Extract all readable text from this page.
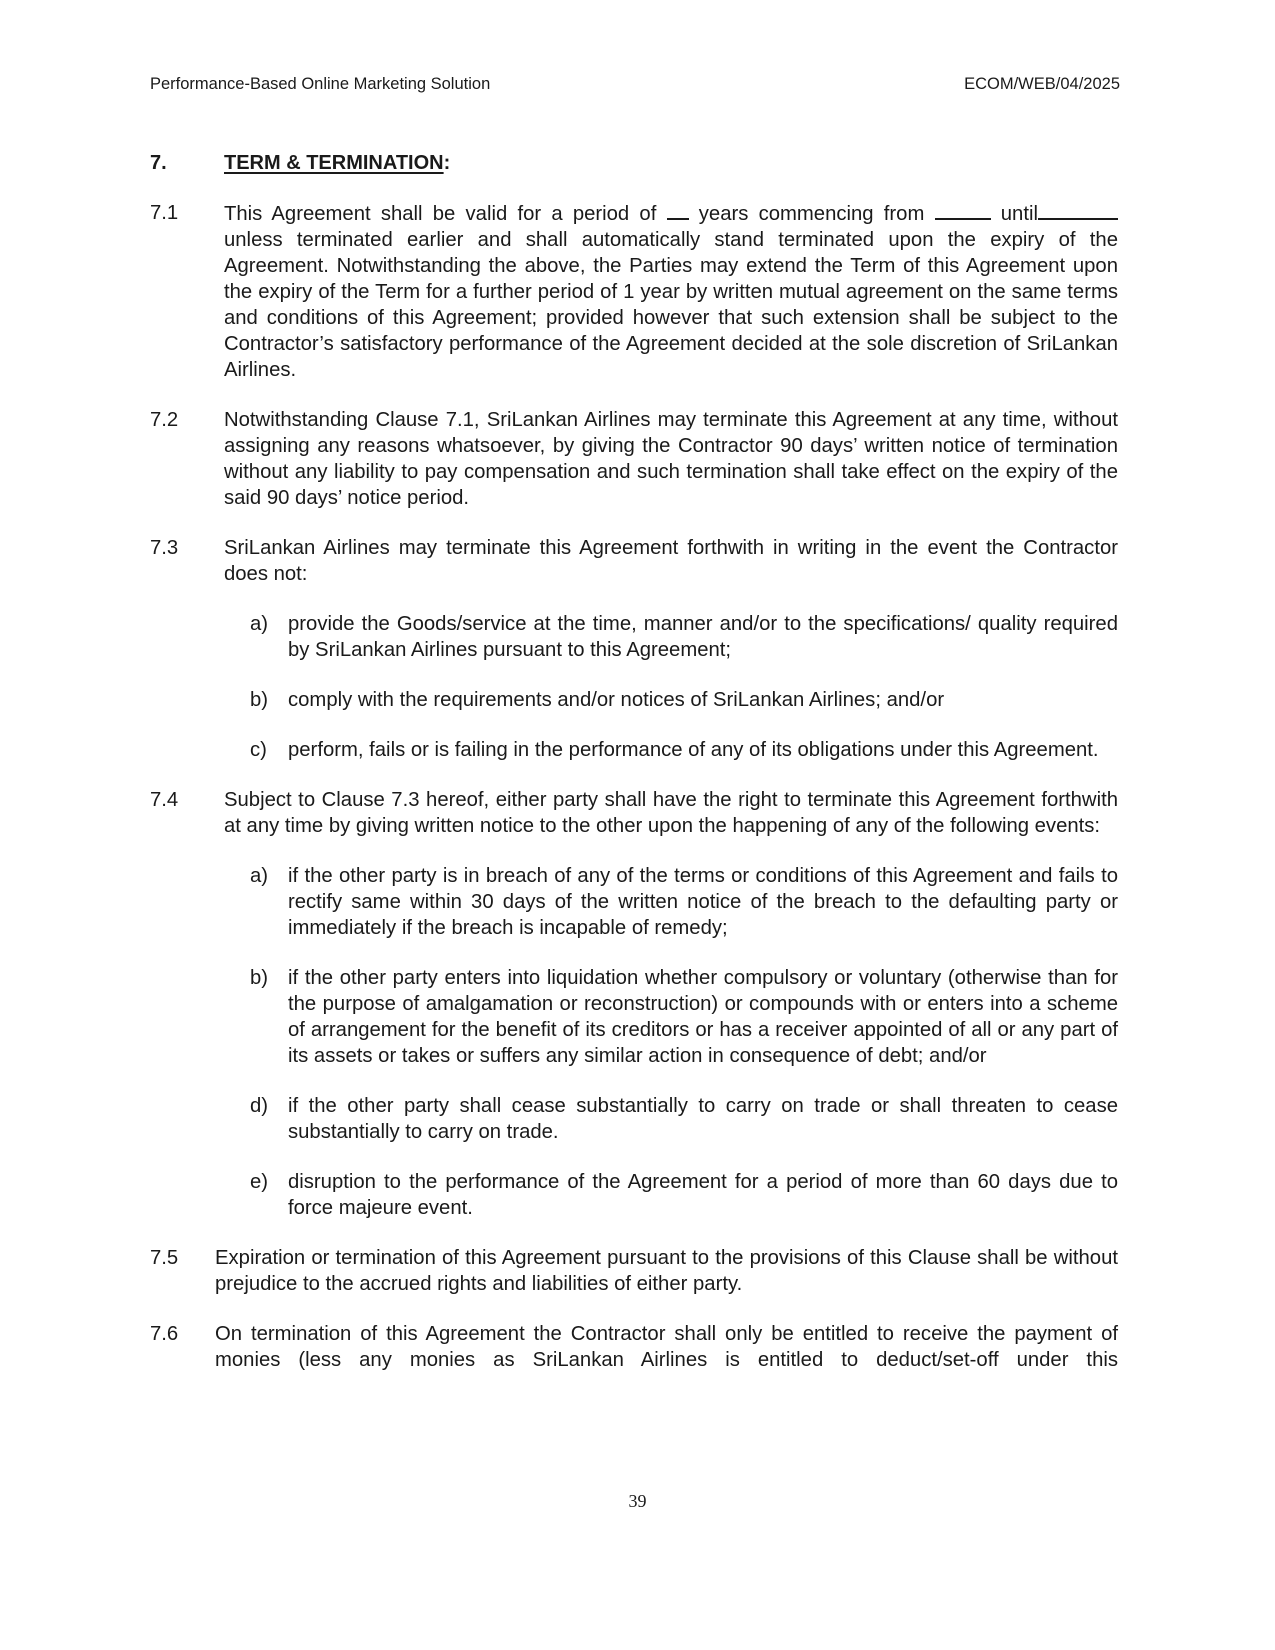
Performance-Based Online Marketing Solution	ECOM/WEB/04/2025
7.	TERM & TERMINATION:
7.1	This Agreement shall be valid for a period of years commencing from	until unless terminated earlier and shall automatically stand terminated upon the expiry of the Agreement. Notwithstanding the above, the Parties may extend the Term of this Agreement upon the expiry of the Term for a further period of 1 year by written mutual agreement on the same terms and conditions of this Agreement; provided however that such extension shall be subject to the Contractor’s satisfactory performance of the Agreement decided at the sole discretion of SriLankan Airlines.
7.2	Notwithstanding Clause 7.1, SriLankan Airlines may terminate this Agreement at any time, without assigning any reasons whatsoever, by giving the Contractor 90 days’ written notice of termination without any liability to pay compensation and such termination shall take effect on the expiry of the said 90 days’ notice period.
7.3	SriLankan Airlines may terminate this Agreement forthwith in writing in the event the Contractor does not:
a) provide the Goods/service at the time, manner and/or to the specifications/ quality required by SriLankan Airlines pursuant to this Agreement;
b) comply with the requirements and/or notices of SriLankan Airlines; and/or
c)	perform, fails or is failing in the performance of any of its obligations under this Agreement.
7.4	Subject to Clause 7.3 hereof, either party shall have the right to terminate this Agreement forthwith at any time by giving written notice to the other upon the happening of any of the following events:
a) if the other party is in breach of any of the terms or conditions of this Agreement and fails to rectify same within 30 days of the written notice of the breach to the defaulting party or immediately if the breach is incapable of remedy;
b) if the other party enters into liquidation whether compulsory or voluntary (otherwise than for the purpose of amalgamation or reconstruction) or compounds with or enters into a scheme of arrangement for the benefit of its creditors or has a receiver appointed of all or any part of its assets or takes or suffers any similar action in consequence of debt; and/or
d) if the other party shall cease substantially to carry on trade or shall threaten to cease substantially to carry on trade.
e) disruption to the performance of the Agreement for a period of more than 60 days due to force majeure event.
7.5	Expiration or termination of this Agreement pursuant to the provisions of this Clause shall be without prejudice to the accrued rights and liabilities of either party.
7.6	On termination of this Agreement the Contractor shall only be entitled to receive the payment of monies (less any monies as SriLankan Airlines is entitled to deduct/set-off under this
39
